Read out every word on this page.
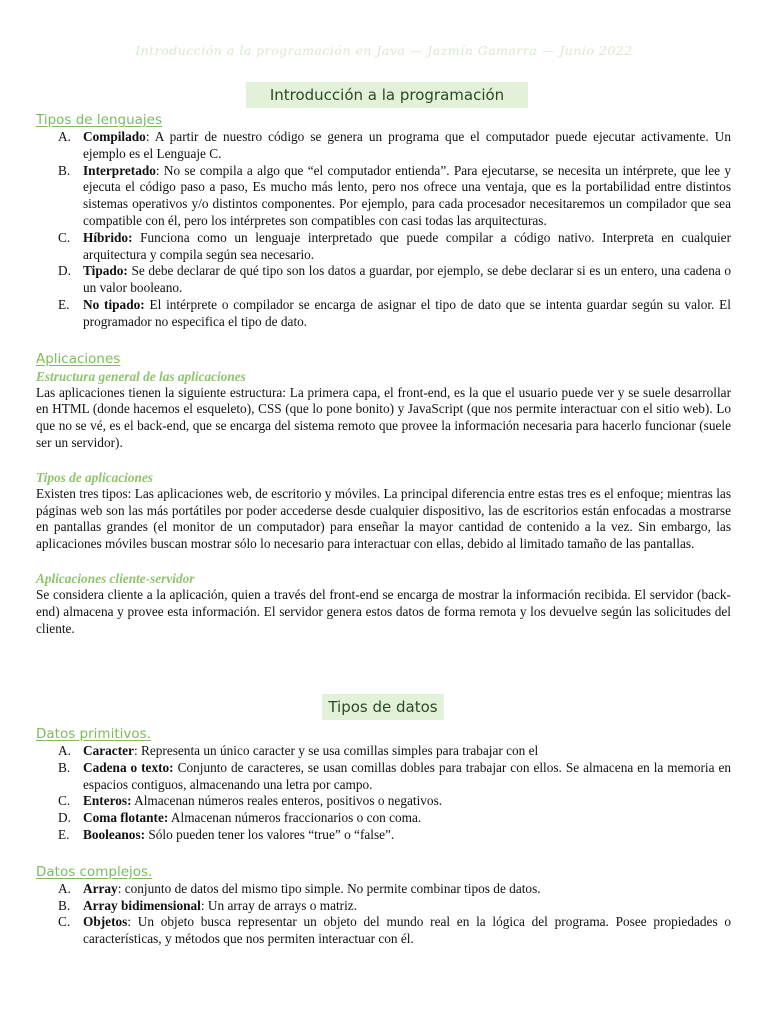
Introducción a la programación en Java — Jazmín Gamarra — Junio 2022
Introducción a la programación

Tipos de lenguajes

A. Compilado: A partir de nuestro código se genera un programa que el computador puede ejecutar activamente. Un ejemplo es el Lenguaje C.
B. Interpretado: No se compila a algo que “el computador entienda”. Para ejecutarse, se necesita un intérprete, que lee y ejecuta el código paso a paso, Es mucho más lento, pero nos ofrece una ventaja, que es la portabilidad entre distintos sistemas operativos y/o distintos componentes. Por ejemplo, para cada procesador necesitaremos un compilador que sea compatible con él, pero los intérpretes son compatibles con casi todas las arquitecturas.
C. Híbrido: Funciona como un lenguaje interpretado que puede compilar a código nativo. Interpreta en cualquier arquitectura y compila según sea necesario.
D. Tipado: Se debe declarar de qué tipo son los datos a guardar, por ejemplo, se debe declarar si es un entero, una cadena o un valor booleano.
E. No tipado: El intérprete o compilador se encarga de asignar el tipo de dato que se intenta guardar según su valor. El programador no especifica el tipo de dato.

Aplicaciones

Estructura general de las aplicaciones

Las aplicaciones tienen la siguiente estructura: La primera capa, el front-end, es la que el usuario puede ver y se suele desarrollar en HTML (donde hacemos el esqueleto), CSS (que lo pone bonito) y JavaScript (que nos permite interactuar con el sitio web). Lo que no se vé, es el back-end, que se encarga del sistema remoto que provee la información necesaria para hacerlo funcionar (suele ser un servidor).

Tipos de aplicaciones

Existen tres tipos: Las aplicaciones web, de escritorio y móviles. La principal diferencia entre estas tres es el enfoque; mientras las páginas web son las más portátiles por poder accederse desde cualquier dispositivo, las de escritorios están enfocadas a mostrarse en pantallas grandes (el monitor de un computador) para enseñar la mayor cantidad de contenido a la vez. Sin embargo, las aplicaciones móviles buscan mostrar sólo lo necesario para interactuar con ellas, debido al limitado tamaño de las pantallas.

Aplicaciones cliente-servidor

Se considera cliente a la aplicación, quien a través del front-end se encarga de mostrar la información recibida. El servidor (back-end) almacena y provee esta información. El servidor genera estos datos de forma remota y los devuelve según las solicitudes del cliente.

Tipos de datos

Datos primitivos.

A. Caracter: Representa un único caracter y se usa comillas simples para trabajar con el
B. Cadena o texto: Conjunto de caracteres, se usan comillas dobles para trabajar con ellos. Se almacena en la memoria en espacios contiguos, almacenando una letra por campo.
C. Enteros: Almacenan números reales enteros, positivos o negativos.
D. Coma flotante: Almacenan números fraccionarios o con coma.
E. Booleanos: Sólo pueden tener los valores “true” o “false”.

Datos complejos.

A. Array: conjunto de datos del mismo tipo simple. No permite combinar tipos de datos.
B. Array bidimensional: Un array de arrays o matriz.
C. Objetos: Un objeto busca representar un objeto del mundo real en la lógica del programa. Posee propiedades o características, y métodos que nos permiten interactuar con él.
